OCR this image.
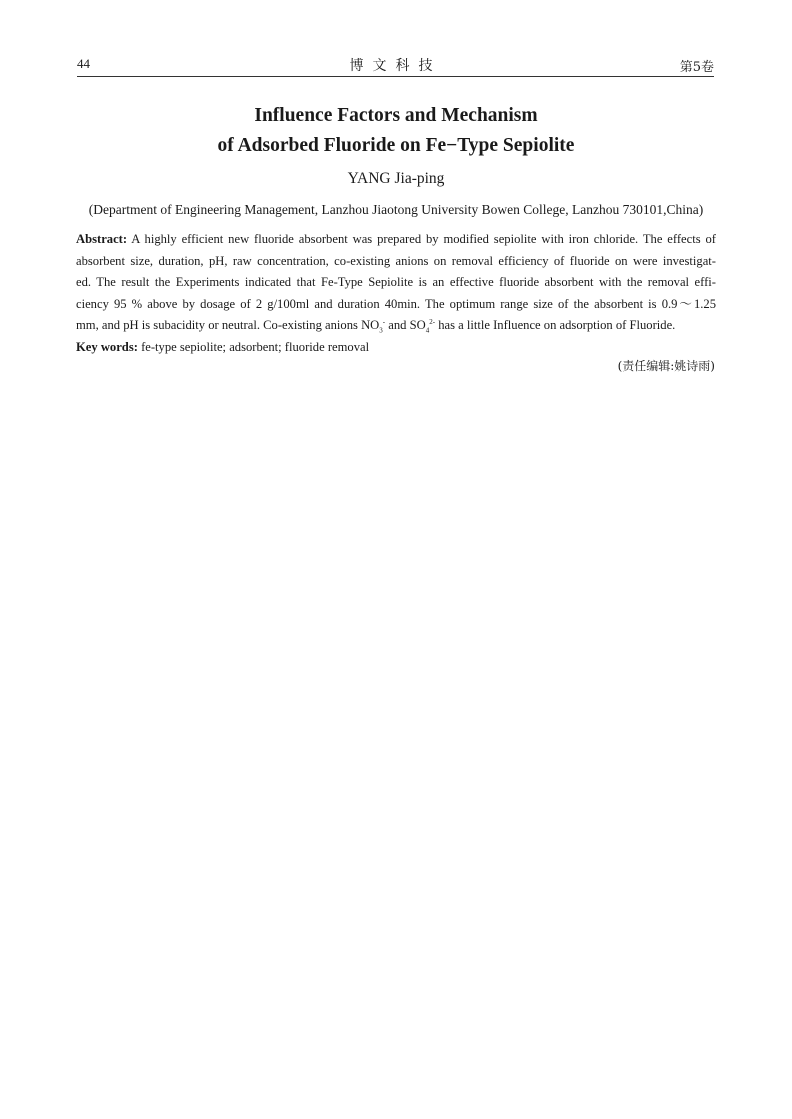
44	博文科技	第5卷
Influence Factors and Mechanism
of Adsorbed Fluoride on Fe−Type Sepiolite
YANG Jia-ping
(Department of Engineering Management, Lanzhou Jiaotong University Bowen College, Lanzhou 730101,China)
Abstract: A highly efficient new fluoride absorbent was prepared by modified sepiolite with iron chloride. The effects of
absorbent size, duration, pH, raw concentration, co-existing anions on removal efficiency of fluoride on were investigat-
ed. The result the Experiments indicated that Fe-Type Sepiolite is an effective fluoride absorbent with the removal effi-
ciency 95 % above by dosage of 2 g/100ml and duration 40min. The optimum range size of the absorbent is 0.9～1.25
mm, and pH is subacidity or neutral. Co-existing anions $NO_3^-$ and $SO_4^{2-}$ has a little Influence on adsorption of Fluoride.
Key words: fe-type sepiolite; adsorbent; fluoride removal
(责任编辑:姚诗雨)
